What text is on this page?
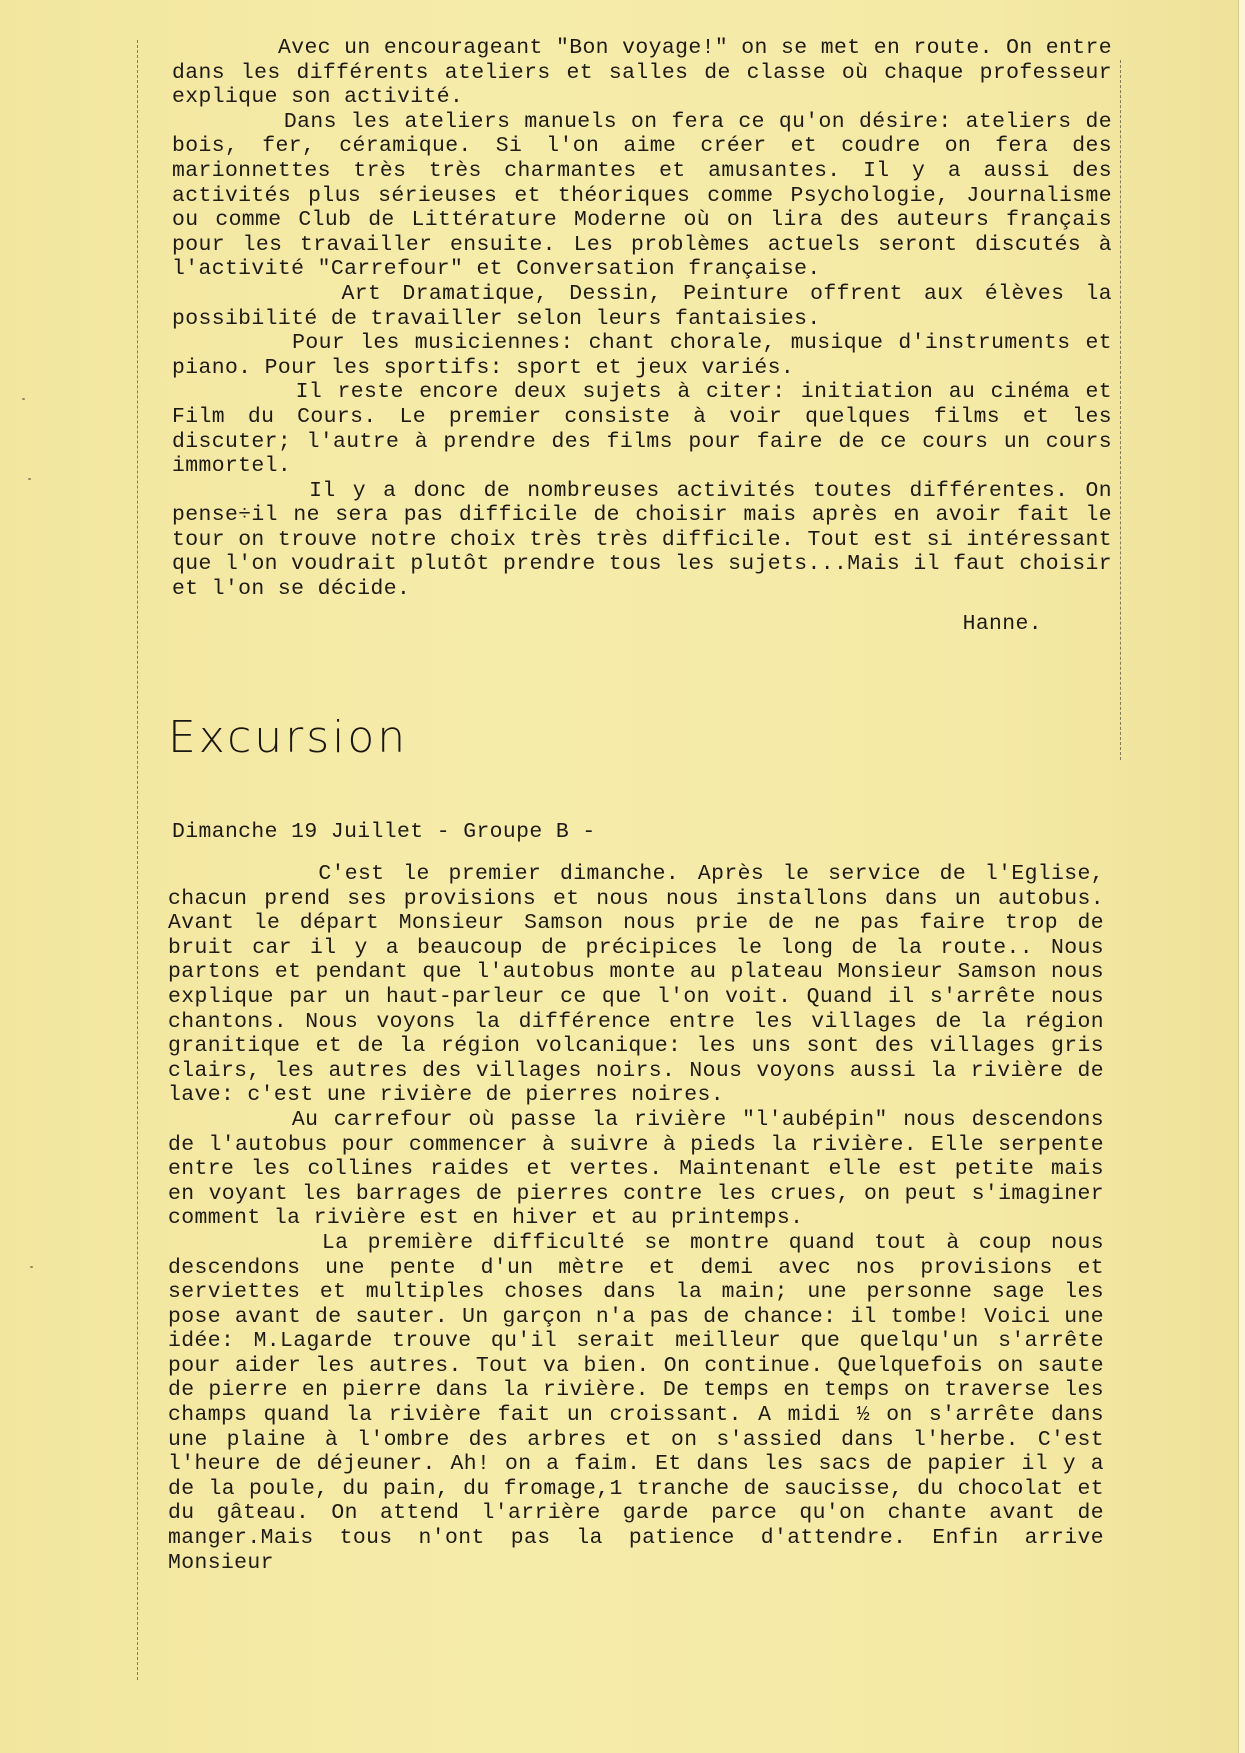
Avec un encourageant "Bon voyage!" on se met en route. On entre dans les différents ateliers et salles de classe où chaque professeur explique son activité.

Dans les ateliers manuels on fera ce qu'on désire: ateliers de bois, fer, céramique. Si l'on aime créer et coudre on fera des marionnettes très très charmantes et amusantes. Il y a aussi des activités plus sérieuses et théoriques comme Psychologie, Journalisme ou comme Club de Littérature Moderne où on lira des auteurs français pour les travailler ensuite. Les problèmes actuels seront discutés à l'activité "Carrefour" et Conversation française.

Art Dramatique, Dessin, Peinture offrent aux élèves la possibilité de travailler selon leurs fantaisies.

Pour les musiciennes: chant chorale, musique d'instruments et piano. Pour les sportifs: sport et jeux variés.

Il reste encore deux sujets à citer: initiation au cinéma et Film du Cours. Le premier consiste à voir quelques films et les discuter; l'autre à prendre des films pour faire de ce cours un cours immortel.

Il y a donc de nombreuses activités toutes différentes. On pense÷il ne sera pas difficile de choisir mais après en avoir fait le tour on trouve notre choix très très difficile. Tout est si intéressant que l'on voudrait plutôt prendre tous les sujets...Mais il faut choisir et l'on se décide.

Hanne.

Excursion

Dimanche 19 Juillet - Groupe B -

C'est le premier dimanche. Après le service de l'Eglise, chacun prend ses provisions et nous nous installons dans un autobus. Avant le départ Monsieur Samson nous prie de ne pas faire trop de bruit car il y a beaucoup de précipices le long de la route.. Nous partons et pendant que l'autobus monte au plateau Monsieur Samson nous explique par un haut-parleur ce que l'on voit. Quand il s'arrête nous chantons. Nous voyons la différence entre les villages de la région granitique et de la région volcanique: les uns sont des villages gris clairs, les autres des villages noirs. Nous voyons aussi la rivière de lave: c'est une rivière de pierres noires.

Au carrefour où passe la rivière "l'aubépin" nous descendons de l'autobus pour commencer à suivre à pieds la rivière. Elle serpente entre les collines raides et vertes. Maintenant elle est petite mais en voyant les barrages de pierres contre les crues, on peut s'imaginer comment la rivière est en hiver et au printemps.

La première difficulté se montre quand tout à coup nous descendons une pente d'un mètre et demi avec nos provisions et serviettes et multiples choses dans la main; une personne sage les pose avant de sauter. Un garçon n'a pas de chance: il tombe! Voici une idée: M.Lagarde trouve qu'il serait meilleur que quelqu'un s'arrête pour aider les autres. Tout va bien. On continue. Quelquefois on saute de pierre en pierre dans la rivière. De temps en temps on traverse les champs quand la rivière fait un croissant. A midi ½ on s'arrête dans une plaine à l'ombre des arbres et on s'assied dans l'herbe. C'est l'heure de déjeuner. Ah! on a faim. Et dans les sacs de papier il y a de la poule, du pain, du fromage,1 tranche de saucisse, du chocolat et du gâteau. On attend l'arrière garde parce qu'on chante avant de manger.Mais tous n'ont pas la patience d'attendre. Enfin arrive Monsieur
